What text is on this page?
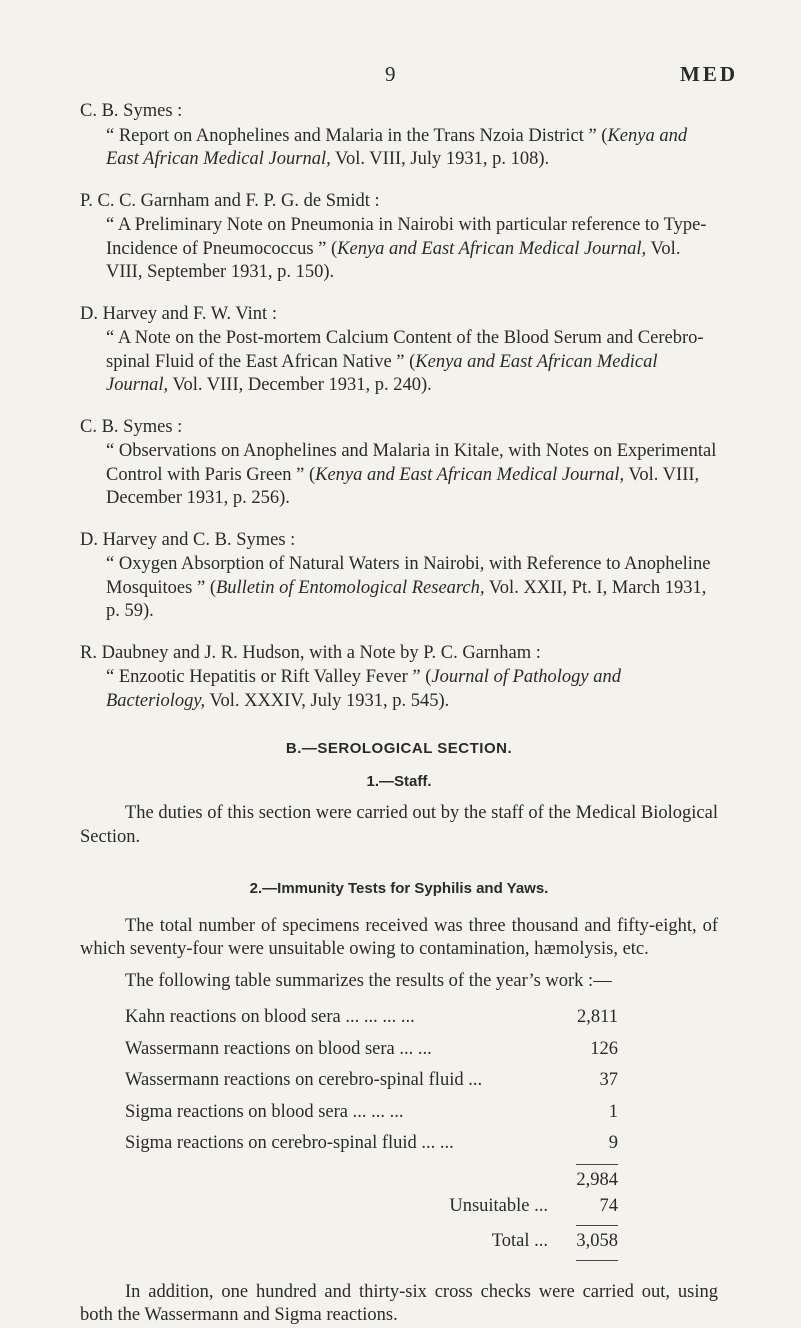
9	MED
C. B. Symes :
“ Report on Anophelines and Malaria in the Trans Nzoia District ” (Kenya and East African Medical Journal, Vol. VIII, July 1931, p. 108).
P. C. C. Garnham and F. P. G. de Smidt :
“ A Preliminary Note on Pneumonia in Nairobi with particular reference to Type-Incidence of Pneumococcus ” (Kenya and East African Medical Journal, Vol. VIII, September 1931, p. 150).
D. Harvey and F. W. Vint :
“ A Note on the Post-mortem Calcium Content of the Blood Serum and Cerebro-spinal Fluid of the East African Native ” (Kenya and East African Medical Journal, Vol. VIII, December 1931, p. 240).
C. B. Symes :
“ Observations on Anophelines and Malaria in Kitale, with Notes on Experimental Control with Paris Green ” (Kenya and East African Medical Journal, Vol. VIII, December 1931, p. 256).
D. Harvey and C. B. Symes :
“ Oxygen Absorption of Natural Waters in Nairobi, with Reference to Anopheline Mosquitoes ” (Bulletin of Entomological Research, Vol. XXII, Pt. I, March 1931, p. 59).
R. Daubney and J. R. Hudson, with a Note by P. C. Garnham :
“ Enzootic Hepatitis or Rift Valley Fever ” (Journal of Pathology and Bacteriology, Vol. XXXIV, July 1931, p. 545).
B.—SEROLOGICAL SECTION.
1.—Staff.

The duties of this section were carried out by the staff of the Medical Biological Section.

2.—Immunity Tests for Syphilis and Yaws.

The total number of specimens received was three thousand and fifty-eight, of which seventy-four were unsuitable owing to contamination, hæmolysis, etc.

The following table summarizes the results of the year’s work :—

Kahn reactions on blood sera ... ... ... ...	2,811
Wassermann reactions on blood sera ... ...	126
Wassermann reactions on cerebro-spinal fluid ...	37
Sigma reactions on blood sera ... ... ...	1
Sigma reactions on cerebro-spinal fluid ... ...	9
2,984
Unsuitable ...	74
Total ...	3,058

In addition, one hundred and thirty-six cross checks were carried out, using both the Wassermann and Sigma reactions.
